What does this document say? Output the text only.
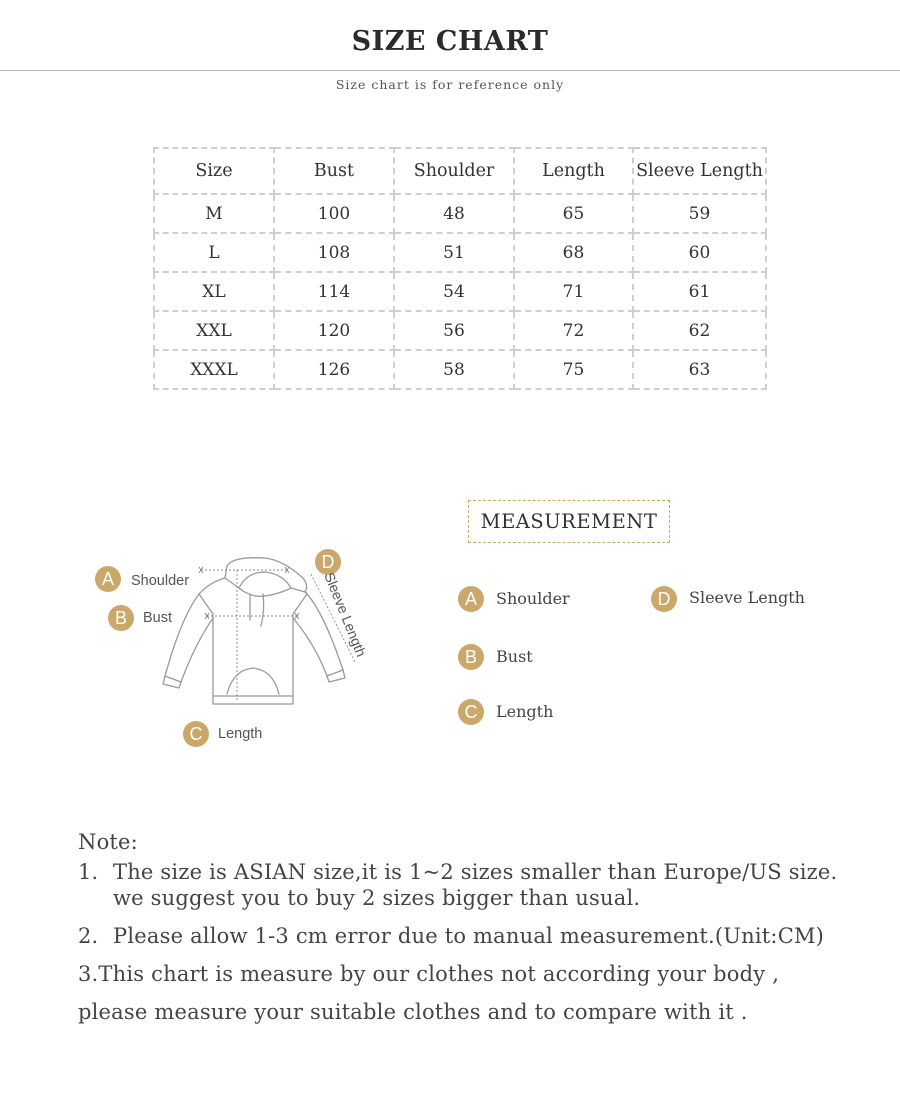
SIZE CHART
Size chart is for reference only
Size	Bust	Shoulder	Length	Sleeve Length
M	100	48	65	59
L	108	51	68	60
XL	114	54	71	61
XXL	120	56	72	62
XXXL	126	58	75	63
A	Shoulder
B	Bust
C	Length
D
Sleeve Length
MEASUREMENT
A	Shoulder
B	Bust
C	Length
D	Sleeve Length
Note:
1. The size is ASIAN size,it is 1~2 sizes smaller than Europe/US size.
we suggest you to buy 2 sizes bigger than usual.
2. Please allow 1-3 cm error due to manual measurement.(Unit:CM)
3.This chart is measure by our clothes not according your body ,
please measure your suitable clothes and to compare with it .
